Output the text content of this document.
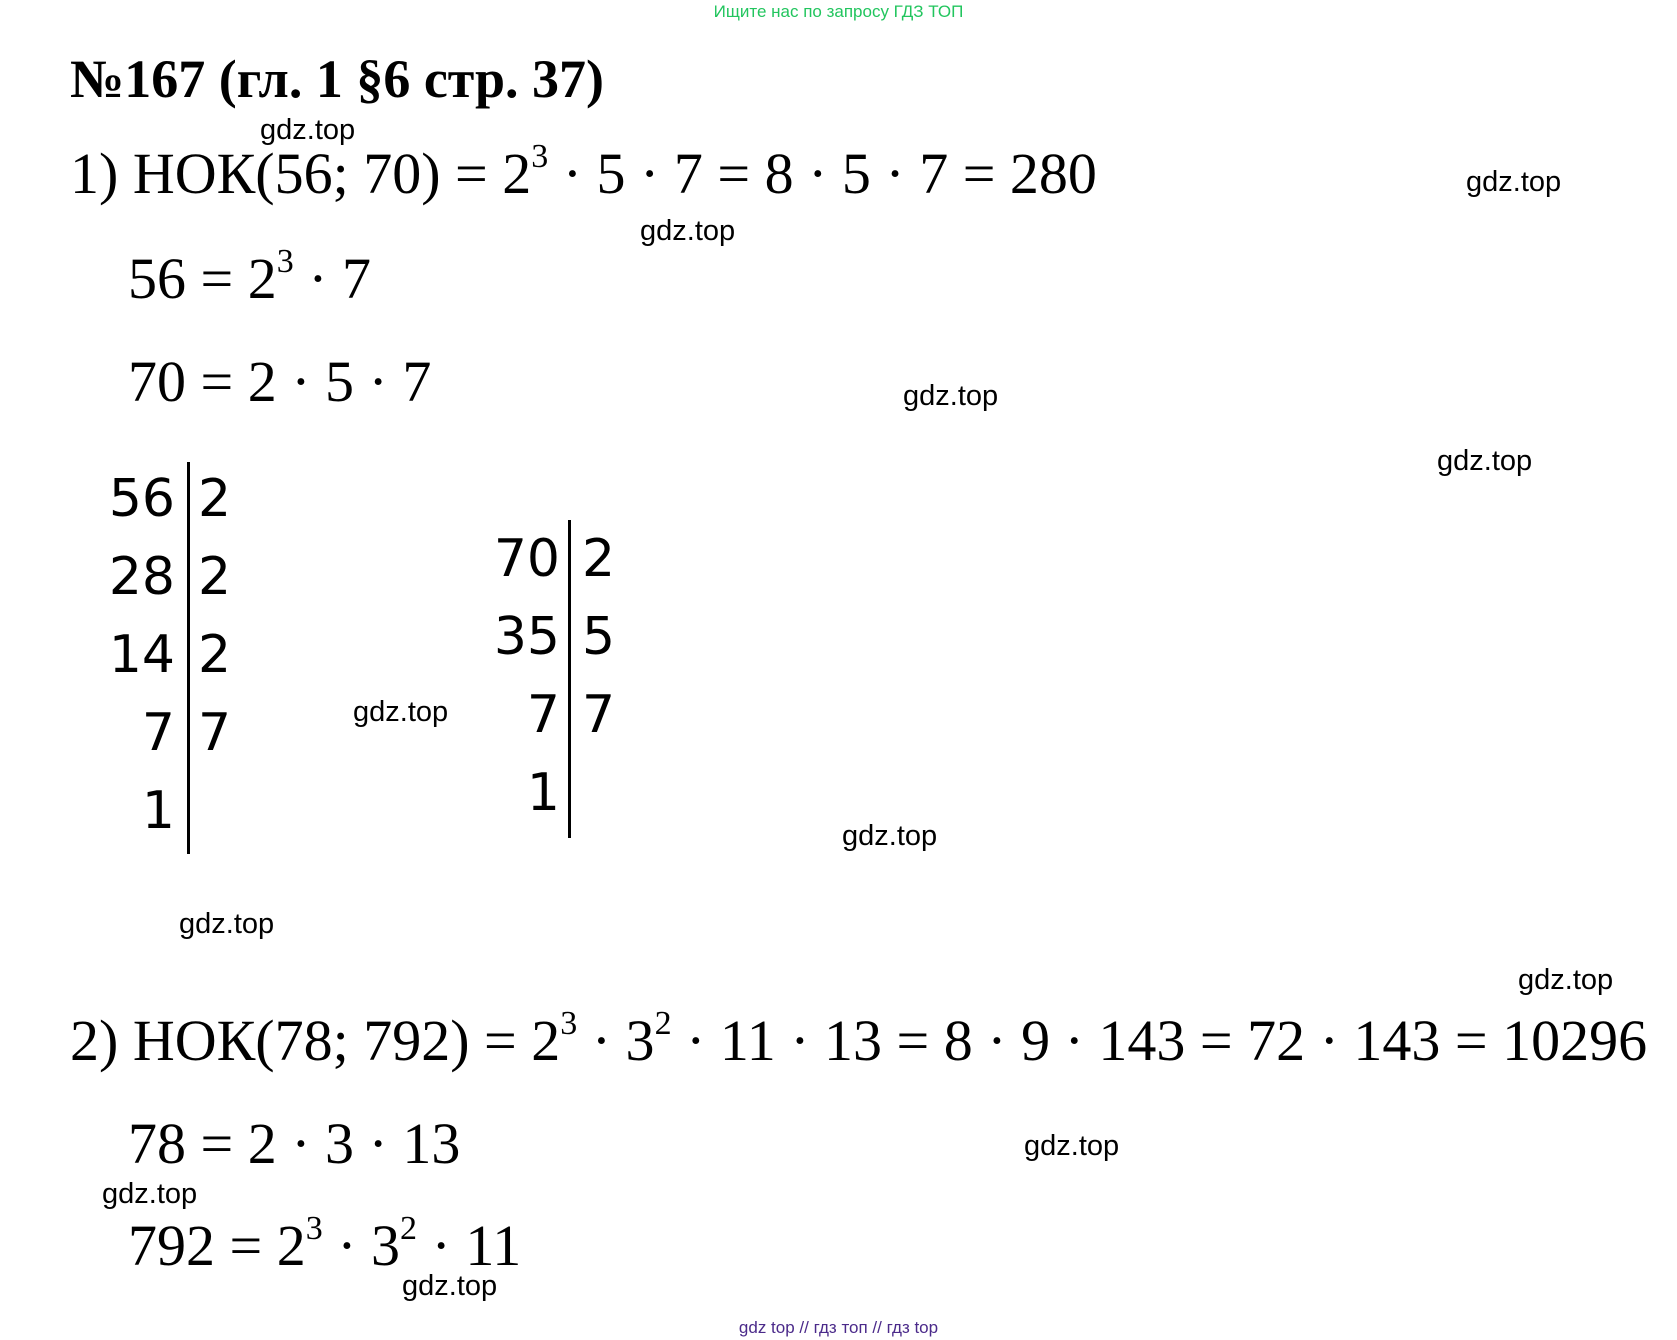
Ищите нас по запросу ГДЗ ТОП
№167 (гл. 1 §6 стр. 37)
1) НОК(56; $70) = 2^3 \cdot 5 \cdot 7 = 8 \cdot 5 \cdot 7 = 280$
$56 = 2^3 \cdot 7$
70 = 2 · 5 · 7
56
28
14
7
1
2
2
2
7

70
35
7
1
2
5
7

2) НОК(78; $792) = 2^3 \cdot 3^2 \cdot 11 \cdot 13 = 8 \cdot 9 \cdot 143 = 72 \cdot 143 = 10296$
78 = 2 · 3 · 13
$792 = 2^3 \cdot 3^2 \cdot 11$
gdz.top
gdz.top
gdz.top
gdz.top
gdz.top
gdz.top
gdz.top
gdz.top
gdz.top
gdz.top
gdz.top
gdz.top
gdz top // гдз топ // гдз top
